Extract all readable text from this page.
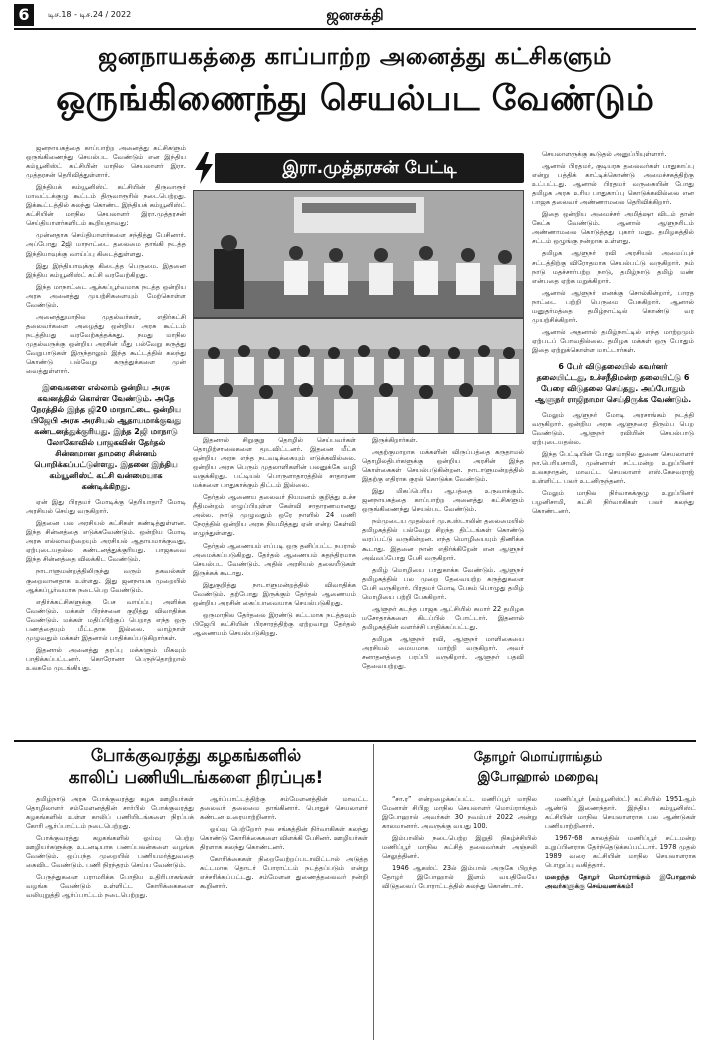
6	டிச.18 - டிச.24 / 2022	ஜனசக்தி
ஜனநாயகத்தை காப்பாற்ற அனைத்து கட்சிகளும்
ஒருங்கிணைந்து செயல்பட வேண்டும்

ஜனநாயகத்தை காப்பாற்ற அனைத்து கட்சிகளும் ஒருங்கிணைந்து செயல்பட வேண்டும் என இந்திய கம்யூனிஸ்ட் கட்சியின் மாநில செயலாளர் இரா. முத்தரசன் தெரிவித்துள்ளார்.

இந்தியக் கம்யூனிஸ்ட் கட்சியின் திருவாரூர் மாவட்டக்குழு கூட்டம் திருவாரூரில் நடைபெற்றது. இக்கூட்டத்தில் கலந்து கொண்ட இந்தியக் கம்யூனிஸ்ட் கட்சியின் மாநில செயலாளர் இரா.முத்தரசன் செய்தியாளர்களிடம் கூறியதாவது:

முன்னதாக செய்தியாளர்களை சந்தித்து பேசினார். அப்போது 2ஜி மாநாட்டை தலைமை தாங்கி நடத்த இந்தியாவுக்கு வாய்ப்பு கிடைத்துள்ளது.

இது இந்தியாவுக்கு கிடைத்த பெருமை. இதனை இந்திய கம்யூனிஸ்ட் கட்சி வரவேற்கிறது.

இந்த மாநாட்டை ஆக்கப்பூர்வமாக நடத்த ஒன்றிய அரசு அனைத்து முயற்சிகளையும் மேற்கொள்ள வேண்டும்.

அனைத்துமாநில முதல்வர்கள், எதிர்கட்சி தலைவர்களை அழைத்து ஒன்றிய அரசு கூட்டம் நடத்தியது வரவேற்கத்தக்கது. நமது மாநில முதல்வருக்கு ஒன்றிய அரசின் மீது பல்வேறு கருத்து வேறுபாடுகள் இருந்தாலும் இந்த கூட்டத்தில் கலந்து கொண்டு பல்வேறு கருத்துக்களை முன் வைத்துள்ளார்.

இவைகளை எல்லாம் ஒன்றிய அரசு கவனத்தில் கொள்ள வேண்டும். அதே நேரத்தில் இந்த ஜி20 மாநாட்டை ஒன்றிய பிஜேபி அரசு அரசியல் ஆதாயமாக்குவது கண்டனத்துக்குரியது. இந்த 2ஜி மாநாடு லோகோவில் பாஜகவின் தேர்தல் சின்னமான தாமரை சின்னம் பொறிக்கப்பட்டுள்ளது. இதனை இந்திய கம்யூனிஸ்ட் கட்சி வன்மையாக கண்டிக்கிறது.

ஏன் இது பிரதமர் மோடிக்கு தெரியாதா? மோடி அரசியல் செய்து வருகிறார்.

இதனை பல அரசியல் கட்சிகள் கண்டித்துள்ளன. இந்த சின்னத்தை எடுக்கவேண்டும். ஒன்றிய மோடி அரசு எல்லாவற்றையும் அரசியல் ஆதாயமாக்குவது, ஏற்புடையதல்ல கண்டனத்துக்குரியது. பாஜகவை இந்த சின்னத்தை விலக்கிட வேண்டும்.

நாடாளுமன்றத்திலிருந்து வரும் தகவல்கள் குறைவானதாக உள்ளது. இது ஜனநாயக முறையில் ஆக்கப்பூர்வமாக நடைபெற வேண்டும்.

எதிர்க்கட்சிகளுக்கு பேச வாய்ப்பு அளிக்க வேண்டும். மக்கள் பிரச்சனை குறித்து விவாதிக்க வேண்டும். மக்கள் மதிப்பிற்குப் பெறாத எந்த ஒரு பணத்தையும் மீட்டதாக இல்லை. வாழ்நாள் முழுவதும் மக்கள் இதனால் பாதிக்கப்படுகிறார்கள்.

இதனால் அனைத்து தரப்பு மக்களும் மிகவும் பாதிக்கப்பட்டனர். கொரோனா பெருந்தொற்றால் உலகமே முடங்கியது.

இரா.முத்தரசன் பேட்டி

இதனால் சிறுகுறு தொழில் செய்பவர்கள் தொழிற்சாலைகளை மூடவிட்டனர். இதனை மீட்க ஒன்றிய அரசு எந்த நடவடிக்கையும் எடுக்கவில்லை. ஒன்றிய அரசு பெரும் முதலாளிகளின் பலனுக்கே வழி வகுக்கிறது. பட்டியல் பொருளாதாரத்தில் சாதாரண மக்களை பாதுகாக்கும் திட்டம் இல்லை.

தேர்தல் ஆணைய தலைவர் நியமனம் குறித்து உச்ச நீதிமன்றம் எழுப்பியுள்ள கேள்வி சாதாரணமானது அல்ல. நாடு முழுவதும் ஒரே நாளில் 24 மணி நேரத்தில் ஒன்றிய அரசு நியமித்தது ஏன் என்ற கேள்வி எழுந்துள்ளது.

தேர்தல் ஆணையம் எப்படி ஒரு தனிப்பட்ட நபரால் அமைக்கப்படுகிறது. தேர்தல் ஆணையம் சுதந்திரமாக செயல்பட வேண்டும். அதில் அரசியல் தலையீடுகள் இருக்கக் கூடாது.

இதுகுறித்து நாடாளுமன்றத்தில் விவாதிக்க வேண்டும். தற்போது இருக்கும் தேர்தல் ஆணையம் ஒன்றிய அரசின் கைப்பாவையாக செயல்படுகிறது.

ஒருமாநில தேர்தலை இரண்டு கட்டமாக நடத்தவும் பிஜேபி கட்சியின் பிரசாரத்திற்கு ஏற்றவாறு தேர்தல் ஆணையம் செயல்படுகிறது.

இருக்கிறார்கள்.

அதற்குமாறாக மக்களின் விருப்பத்தை கருதாமல் தொழிலதிபர்களுக்கு ஒன்றிய அரசின் இந்த கொள்கைகள் செயல்படுகின்றன. நாடாளுமன்றத்தில் இதற்கு எதிராக குரல் கொடுக்க வேண்டும்.

இது மிகப்பெரிய ஆபத்தை உருவாக்கும். ஜனநாயகத்தை காப்பாற்ற அனைத்து கட்சிகளும் ஒருங்கிணைந்து செயல்பட வேண்டும்.

நம்முடைய முதல்வர் மு.க.ஸ்டாலின் தலைமையில் தமிழகத்தில் பல்வேறு சிறந்த திட்டங்கள் கொண்டு வரப்பட்டு வருகின்றன. எந்த மொழியையும் திணிக்க கூடாது. இதனை நான் எதிர்க்கிறேன் என ஆளுநர் அவ்வப்போது பேசி வருகிறார்.

தமிழ் மொழியை பாதுகாக்க வேண்டும். ஆளுநர் தமிழகத்தில் பல முறை தேவையற்ற கருத்துகளை பேசி வருகிறார். பிரதமர் மோடி பேசும் பொழுது தமிழ் மொழியை பற்றி பேசுகிறார்.

ஆளுநர் கடந்த பாஜக ஆட்சியில் சுமார் 22 தமிழக மசோதாக்களை கிடப்பில் போட்டார். இதனால் தமிழகத்தின் வளர்ச்சி பாதிக்கப்பட்டது.

தமிழக ஆளுநர் ரவி, ஆளுநர் மாளிகையை அரசியல் மையமாக மாற்றி வருகிறார். அவர் சனாதனத்தை பரப்பி வருகிறார். ஆளுநர் பதவி தேவையற்றது.

செயலாளருக்கு கூடுதல் அனுப்பியுள்ளார்.

ஆனால் பிரதமர், குடியரசு தலைவர்கள் பாதுகாப்பு என்று பத்திக் காட்டிக்கொண்டு அமைச்சகத்திற்கு உட்பட்டது. ஆனால் பிரதமர் வருகையின் போது தமிழக அரசு உரிய பாதுகாப்பு கொடுக்கவில்லை என பாஜக தலைவர் அண்ணாமலை தெரிவிக்கிறார்.

இதை ஒன்றிய அமைச்சர் அமித்ஷா விடம் தான் கேட்க வேண்டும். ஆனால் ஆளுநரிடம் அண்ணாமலை கொடுத்தது புகார் மனு. தமிழகத்தில் சட்டம் ஒழுங்கு நன்றாக உள்ளது.

தமிழக ஆளுநர் ரவி அரசியல் அமைப்புச் சட்டத்திற்கு விரோதமாக செயல்பட்டு வருகிறார். நம் நாடு மதச்சார்பற்ற நாடு, தமிழ்நாடு தமிழ் மண் என்பதை ஏற்க மறுக்கிறார்.

ஆனால் ஆளுநர் எனக்கு சொல்கின்றார், பாரத நாட்டை பற்றி பெருமை பேசுகிறார். ஆனால் மனுதர்மத்தை தமிழ்நாட்டில் கொண்டு வர முயற்சிக்கிறார்.

ஆனால் அதனால் தமிழ்நாட்டில் எந்த மாற்றமும் ஏற்படப் போவதில்லை. தமிழக மக்கள் ஒரு போதும் இதை ஏற்றுக்கொள்ள மாட்டார்கள்.

6 பேர் விடுதலையில் கவர்னர் தலையிட்டது, உச்சநீதிமன்ற தலையிட்டு 6 பேரை விடுதலை செய்தது. அப்போதும் ஆளுநர் ராஜிநாமா செய்திருக்க வேண்டும்.

மேலும் ஆளுநர் மோடி அரசாங்கம் நடத்தி வருகிறார். ஒன்றிய அரசு ஆளுநரை திரும்ப பெற வேண்டும். ஆளுநர் ரவியின் செயல்பாடு ஏற்புடையதல்ல.

இந்த பேட்டியின் போது மாநில துணை செயலாளர் நா.பெரியசாமி, முன்னாள் சட்டமன்ற உறுப்பினர் உலகநாதன், மாவட்ட செயலாளர் எஸ்.கேசவராஜ் உள்ளிட்ட பலர் உடனிருந்தனர்.

மேலும் மாநில நிர்வாகக்குழு உறுப்பினர் பழனிசாமி, கட்சி நிர்வாகிகள் பலர் கலந்து கொண்டனர்.

போக்குவரத்து கழகங்களில்
காலிப் பணியிடங்களை நிரப்புக!

தமிழ்நாடு அரசு போக்குவரத்து கழக ஊழியர்கள் தொழிலாளர் சம்மேளனத்தின் சார்பில் போக்குவரத்து கழகங்களில் உள்ள காலிப் பணியிடங்களை நிரப்பக் கோரி ஆர்ப்பாட்டம் நடைபெற்றது.

போக்குவரத்து கழகங்களில் ஓய்வு பெற்ற ஊழியர்களுக்கு உடனடியாக பணப்பலன்களை வழங்க வேண்டும். ஒப்பந்த முறையில் பணியமர்த்துவதை கைவிட வேண்டும். பணி நிரந்தரம் செய்ய வேண்டும்.

பேருந்துகளை பராமரிக்க போதிய உதிரிபாகங்கள் வழங்க வேண்டும் உள்ளிட்ட கோரிக்கைகளை வலியுறுத்தி ஆர்ப்பாட்டம் நடைபெற்றது.

ஆர்ப்பாட்டத்திற்கு சம்மேளனத்தின் மாவட்ட தலைவர் தலைமை தாங்கினார். பொதுச் செயலாளர் கண்டன உரையாற்றினார்.

ஓய்வு பெற்றோர் நல சங்கத்தின் நிர்வாகிகள் கலந்து கொண்டு கோரிக்கைகளை விளக்கி பேசினர். ஊழியர்கள் திரளாக கலந்து கொண்டனர்.

கோரிக்கைகள் நிறைவேற்றப்படாவிட்டால் அடுத்த கட்டமாக தொடர் போராட்டம் நடத்தப்படும் என்று எச்சரிக்கப்பட்டது. சம்மேளன துணைத்தலைவர் நன்றி கூறினார்.

தோழர் மொய்ராங்தம்
இபோஹால் மறைவு

“சா.ர” என்றழைக்கப்பட்ட மணிப்பூர் மாநில மேனாள் சிபிஐ மாநில செயலாளர் மொய்ராங்தம் இபோஹால் அவர்கள் 30 நவம்பர் 2022 அன்று காலமானார். அவருக்கு வயது 100.

இம்பாலில் நடைபெற்ற இறுதி நிகழ்ச்சியில் மணிப்பூர் மாநில கட்சித் தலைவர்கள் அஞ்சலி செலுத்தினர்.

1946 ஆகஸ்ட் 23ல் இம்பால் அருகே பிறந்த தோழர் இபோஹால் இளம் வயதிலேயே விடுதலைப் போராட்டத்தில் கலந்து கொண்டார்.

மணிப்பூர் (கம்யூனிஸ்ட்) கட்சியில் 1951ஆம் ஆண்டு இணைந்தார். இந்திய கம்யூனிஸ்ட் கட்சியின் மாநில செயலாளராக பல ஆண்டுகள் பணியாற்றினார்.

1967-68 காலத்தில் மணிப்பூர் சட்டமன்ற உறுப்பினராக தேர்ந்தெடுக்கப்பட்டார். 1978 முதல் 1989 வரை கட்சியின் மாநில செயலாளராக பொறுப்பு வகித்தார்.

மறைந்த தோழர் மொய்ராங்தம் இபோஹால் அவர்களுக்கு செவ்வணக்கம்!
